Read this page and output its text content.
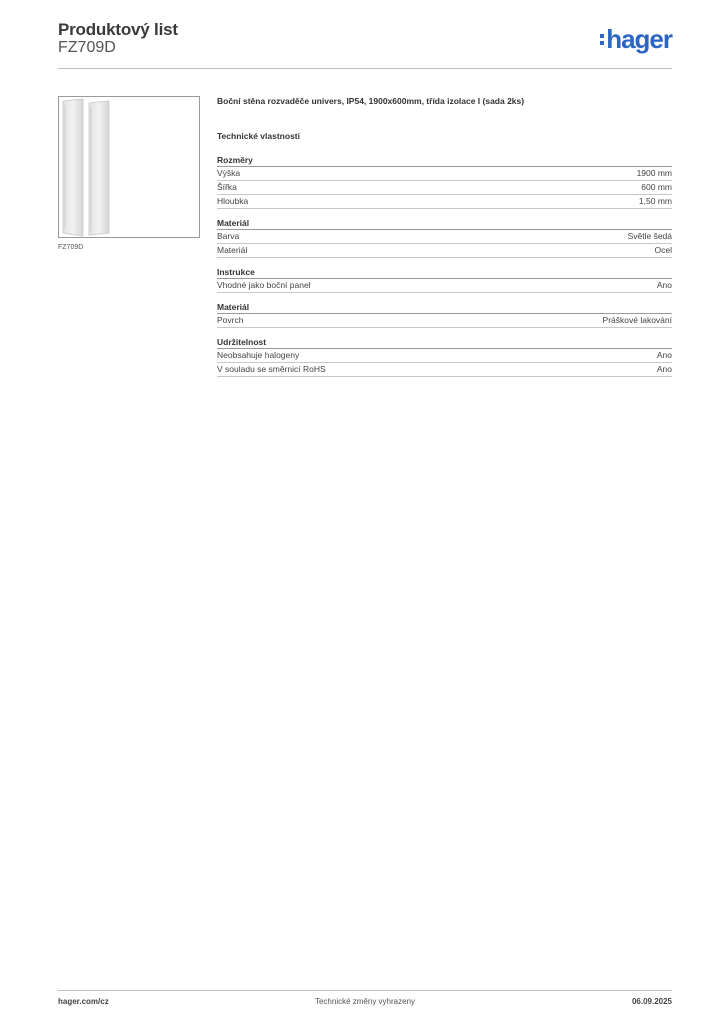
Produktový list
FZ709D	hager
FZ709D

Boční stěna rozvaděče univers, IP54, 1900x600mm, třída izolace I (sada 2ks)

Technické vlastnosti

Rozměry
Výška	1900 mm
Šířka	600 mm
Hloubka	1,50 mm
Materiál
Barva	Světle šedá
Materiál	Ocel
Instrukce
Vhodné jako boční panel	Ano
Materiál
Povrch	Práškové lakování
Udržitelnost
Neobsahuje halogeny	Ano
V souladu se směrnicí RoHS	Ano
hager.com/cz	Technické změny vyhrazeny	06.09.2025
